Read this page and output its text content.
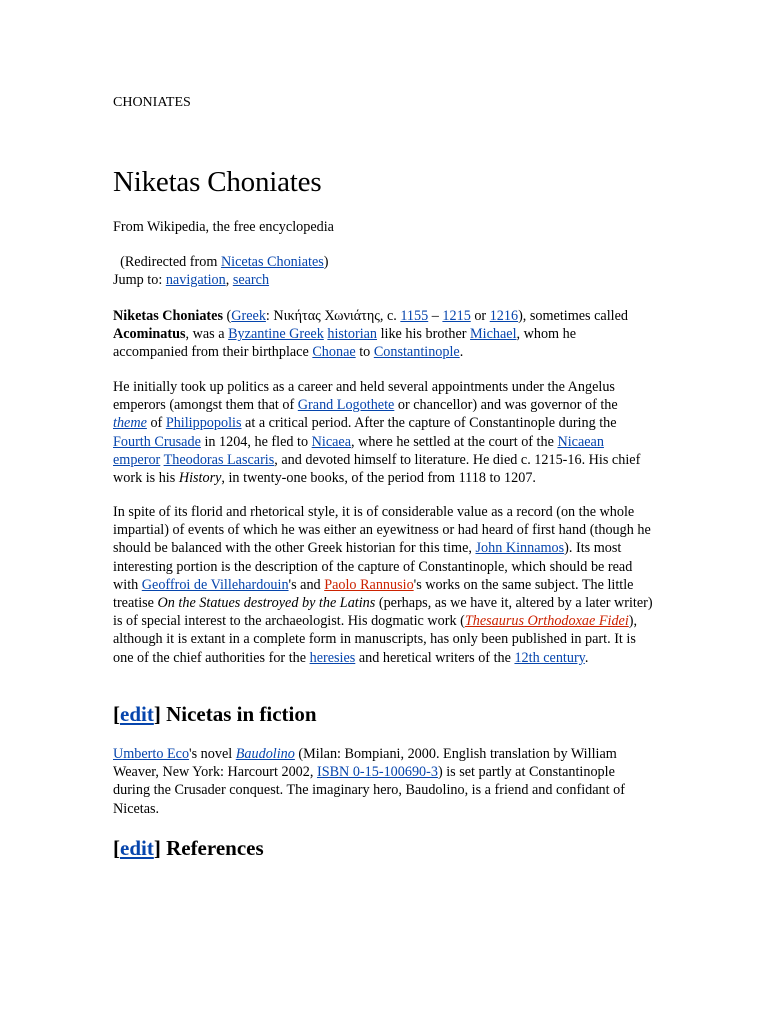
CHONIATES
Niketas Choniates
From Wikipedia, the free encyclopedia
(Redirected from Nicetas Choniates)
Jump to: navigation, search

Niketas Choniates (Greek: Νικήτας Χωνιάτης, c. 1155 – 1215 or 1216), sometimes called Acominatus, was a Byzantine Greek historian like his brother Michael, whom he accompanied from their birthplace Chonae to Constantinople.

He initially took up politics as a career and held several appointments under the Angelus emperors (amongst them that of Grand Logothete or chancellor) and was governor of the theme of Philippopolis at a critical period. After the capture of Constantinople during the Fourth Crusade in 1204, he fled to Nicaea, where he settled at the court of the Nicaean emperor Theodoras Lascaris, and devoted himself to literature. He died c. 1215-16. His chief work is his History, in twenty-one books, of the period from 1118 to 1207.

In spite of its florid and rhetorical style, it is of considerable value as a record (on the whole impartial) of events of which he was either an eyewitness or had heard of first hand (though he should be balanced with the other Greek historian for this time, John Kinnamos). Its most interesting portion is the description of the capture of Constantinople, which should be read with Geoffroi de Villehardouin's and Paolo Rannusio's works on the same subject. The little treatise On the Statues destroyed by the Latins (perhaps, as we have it, altered by a later writer) is of special interest to the archaeologist. His dogmatic work (Thesaurus Orthodoxae Fidei), although it is extant in a complete form in manuscripts, has only been published in part. It is one of the chief authorities for the heresies and heretical writers of the 12th century.

[edit] Nicetas in fiction

Umberto Eco's novel Baudolino (Milan: Bompiani, 2000. English translation by William Weaver, New York: Harcourt 2002, ISBN 0-15-100690-3) is set partly at Constantinople during the Crusader conquest. The imaginary hero, Baudolino, is a friend and confidant of Nicetas.

[edit] References
